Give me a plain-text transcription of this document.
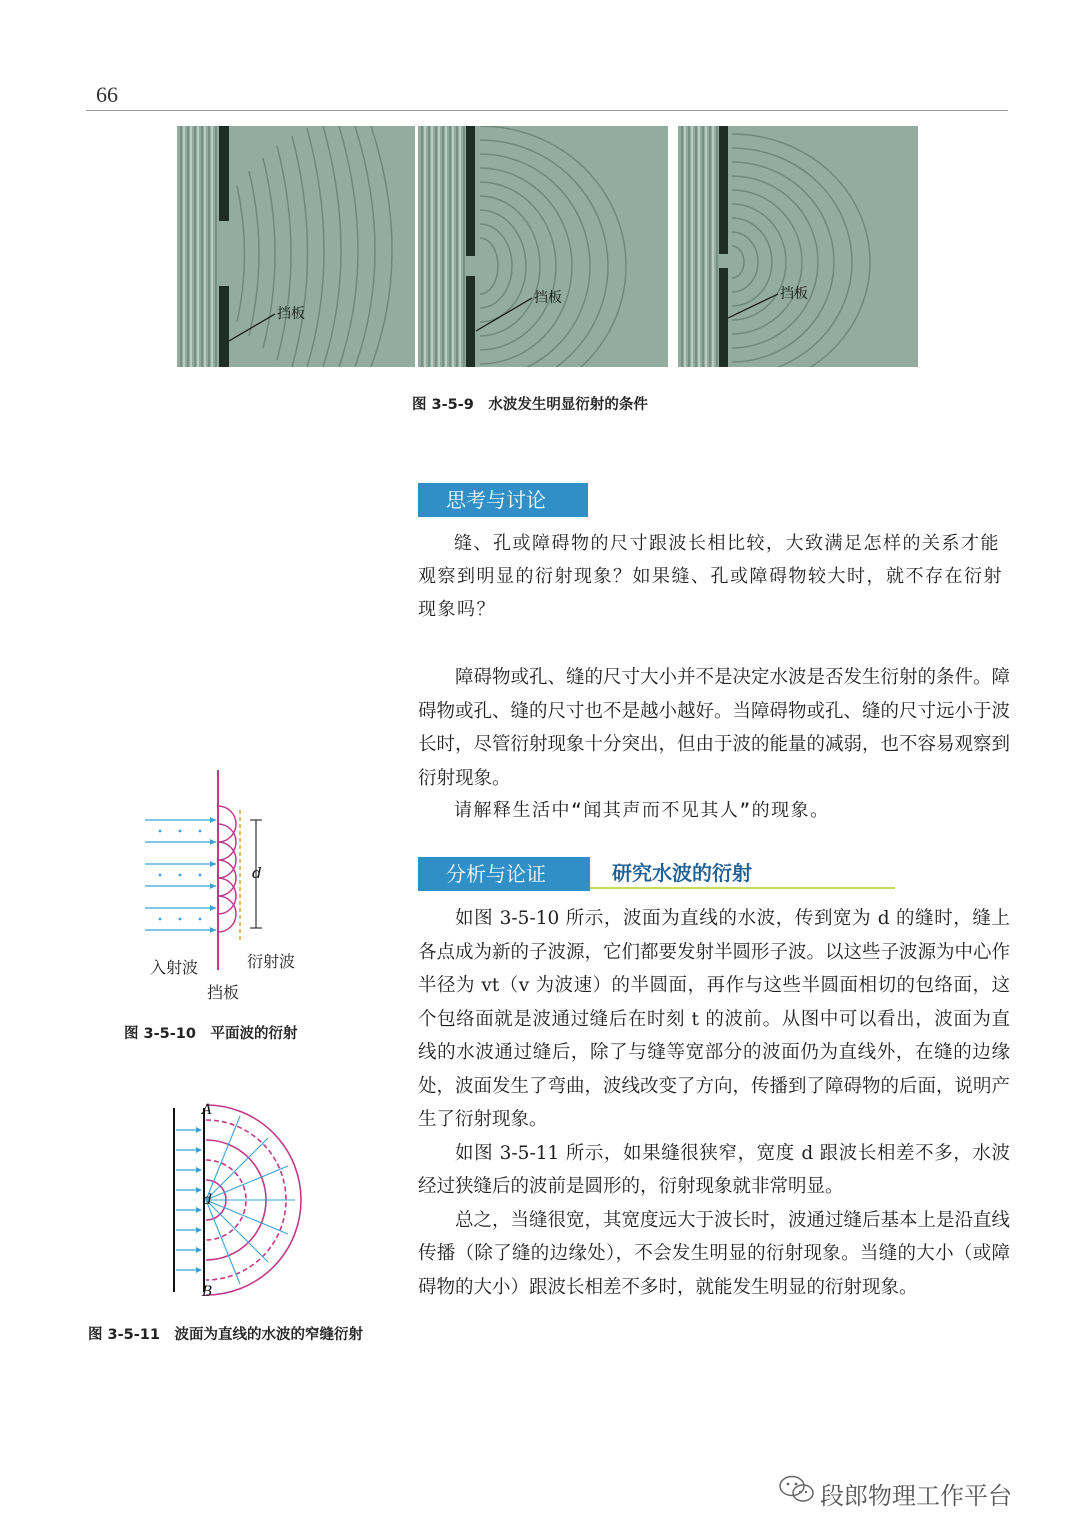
66
挡板
挡板	挡板
图 3-5-9　水波发生明显衍射的条件
思考与讨论

缝、孔或障碍物的尺寸跟波长相比较，大致满足怎样的关系才能观察到明显的衍射现象？如果缝、孔或障碍物较大时，就不存在衍射现象吗？

障碍物或孔、缝的尺寸大小并不是决定水波是否发生衍射的条件。障碍物或孔、缝的尺寸也不是越小越好。当障碍物或孔、缝的尺寸远小于波长时，尽管衍射现象十分突出，但由于波的能量的减弱，也不容易观察到衍射现象。

请解释生活中“闻其声而不见其人”的现象。

分析与论证	研究水波的衍射

如图 3-5-10 所示，波面为直线的水波，传到宽为 d 的缝时，缝上各点成为新的子波源，它们都要发射半圆形子波。以这些子波源为中心作半径为 vt（v 为波速）的半圆面，再作与这些半圆面相切的包络面，这个包络面就是波通过缝后在时刻 t 的波前。从图中可以看出，波面为直线的水波通过缝后，除了与缝等宽部分的波面仍为直线外，在缝的边缘处，波面发生了弯曲，波线改变了方向，传播到了障碍物的后面，说明产生了衍射现象。

如图 3-5-11 所示，如果缝很狭窄，宽度 d 跟波长相差不多，水波经过狭缝后的波前是圆形的，衍射现象就非常明显。

总之，当缝很宽，其宽度远大于波长时，波通过缝后基本上是沿直线传播（除了缝的边缘处），不会发生明显的衍射现象。当缝的大小（或障碍物的大小）跟波长相差不多时，就能发生明显的衍射现象。

d
入射波	衍射波
挡板
图 3-5-10　平面波的衍射
A
B
d
图 3-5-11　波面为直线的水波的窄缝衍射
段郎物理工作平台
